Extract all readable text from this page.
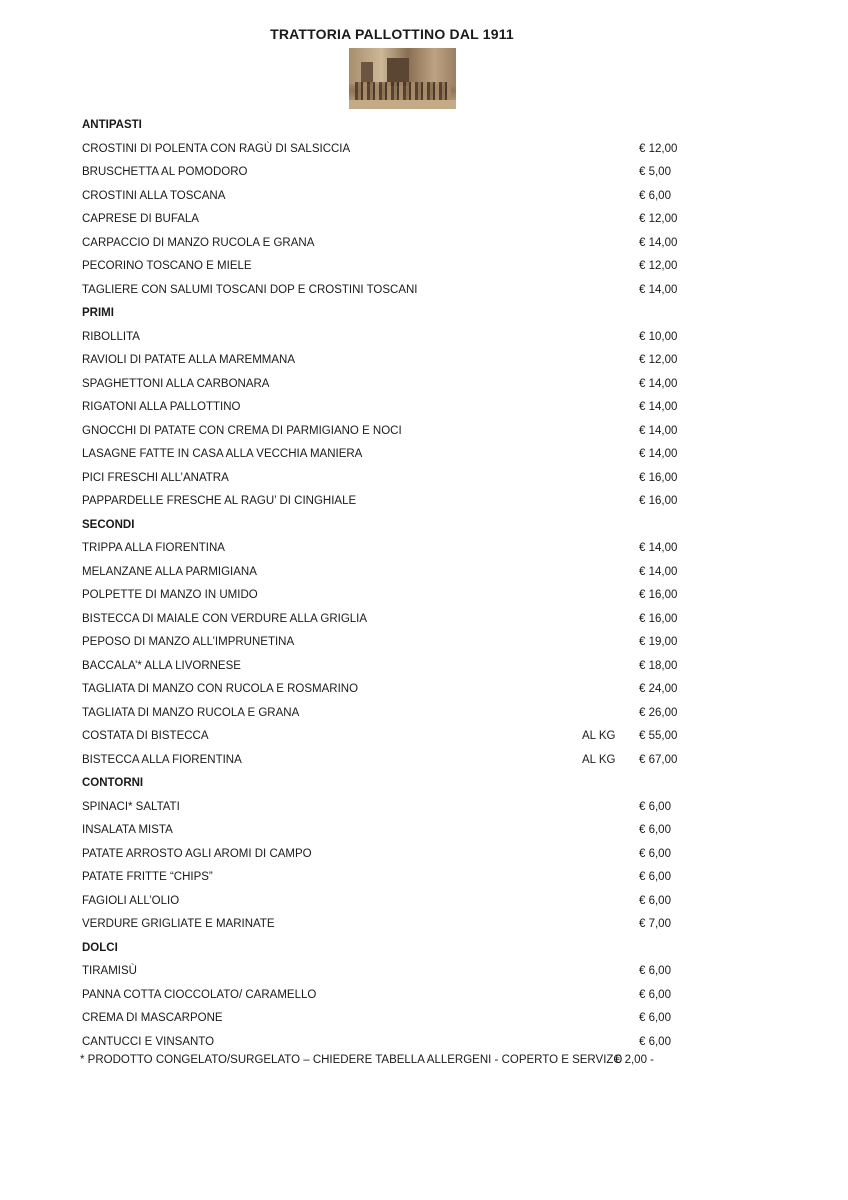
TRATTORIA PALLOTTINO DAL 1911
ANTIPASTI
CROSTINI DI POLENTA CON RAGÙ DI SALSICCIA	€ 12,00
BRUSCHETTA AL POMODORO	€ 5,00
CROSTINI ALLA TOSCANA	€ 6,00
CAPRESE DI BUFALA	€ 12,00
CARPACCIO DI MANZO RUCOLA E GRANA	€ 14,00
PECORINO TOSCANO E MIELE	€ 12,00
TAGLIERE CON SALUMI TOSCANI DOP E CROSTINI TOSCANI	€ 14,00
PRIMI
RIBOLLITA	€ 10,00
RAVIOLI DI PATATE ALLA MAREMMANA	€ 12,00
SPAGHETTONI ALLA CARBONARA	€ 14,00
RIGATONI ALLA PALLOTTINO	€ 14,00
GNOCCHI DI PATATE CON CREMA DI PARMIGIANO E NOCI	€ 14,00
LASAGNE FATTE IN CASA ALLA VECCHIA MANIERA	€ 14,00
PICI FRESCHI ALL’ANATRA	€ 16,00
PAPPARDELLE FRESCHE AL RAGU’ DI CINGHIALE	€ 16,00
SECONDI
TRIPPA ALLA FIORENTINA	€ 14,00
MELANZANE ALLA PARMIGIANA	€ 14,00
POLPETTE DI MANZO IN UMIDO	€ 16,00
BISTECCA DI MAIALE CON VERDURE ALLA GRIGLIA	€ 16,00
PEPOSO DI MANZO ALL’IMPRUNETINA	€ 19,00
BACCALA’* ALLA LIVORNESE	€ 18,00
TAGLIATA DI MANZO CON RUCOLA E ROSMARINO	€ 24,00
TAGLIATA DI MANZO RUCOLA E GRANA	€ 26,00
COSTATA DI BISTECCA	AL KG € 55,00
BISTECCA ALLA FIORENTINA	AL KG € 67,00
CONTORNI
SPINACI* SALTATI	€ 6,00
INSALATA MISTA	€ 6,00
PATATE ARROSTO AGLI AROMI DI CAMPO	€ 6,00
PATATE FRITTE “CHIPS”	€ 6,00
FAGIOLI ALL’OLIO	€ 6,00
VERDURE GRIGLIATE E MARINATE	€ 7,00
DOLCI
TIRAMISÙ	€ 6,00
PANNA COTTA CIOCCOLATO/ CARAMELLO	€ 6,00
CREMA DI MASCARPONE	€ 6,00
CANTUCCI E VINSANTO	€ 6,00
* PRODOTTO CONGELATO/SURGELATO – CHIEDERE TABELLA ALLERGENI - COPERTO E SERVIZO
€ 2,00 -
